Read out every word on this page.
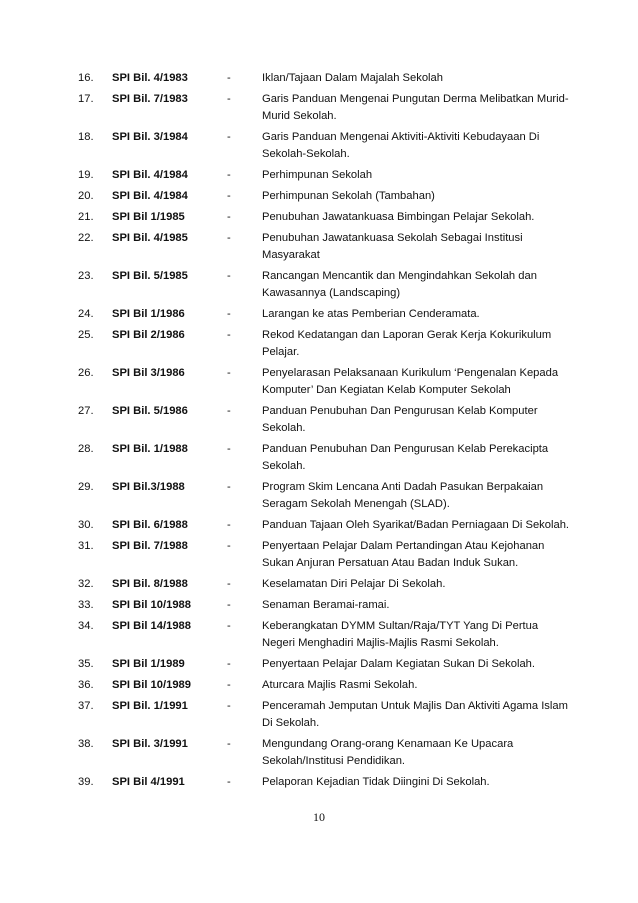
16.	SPI Bil. 4/1983	-	Iklan/Tajaan Dalam Majalah Sekolah
17.	SPI Bil. 7/1983	-	Garis Panduan Mengenai Pungutan Derma Melibatkan Murid-Murid Sekolah.
18.	SPI Bil. 3/1984	-	Garis Panduan Mengenai Aktiviti-Aktiviti Kebudayaan Di Sekolah-Sekolah.
19.	SPI Bil. 4/1984	-	Perhimpunan Sekolah
20.	SPI Bil. 4/1984	-	Perhimpunan Sekolah (Tambahan)
21.	SPI Bil 1/1985	-	Penubuhan Jawatankuasa Bimbingan Pelajar Sekolah.
22.	SPI Bil. 4/1985	-	Penubuhan Jawatankuasa Sekolah Sebagai Institusi Masyarakat
23.	SPI Bil. 5/1985	-	Rancangan Mencantik dan Mengindahkan Sekolah dan Kawasannya (Landscaping)
24.	SPI Bil 1/1986	-	Larangan ke atas Pemberian Cenderamata.
25.	SPI Bil 2/1986	-	Rekod Kedatangan dan Laporan Gerak Kerja Kokurikulum Pelajar.
26.	SPI Bil 3/1986	-	Penyelarasan Pelaksanaan Kurikulum ‘Pengenalan Kepada Komputer’ Dan Kegiatan Kelab Komputer Sekolah
27.	SPI Bil. 5/1986	-	Panduan Penubuhan Dan Pengurusan Kelab Komputer Sekolah.
28.	SPI Bil. 1/1988	-	Panduan Penubuhan Dan Pengurusan Kelab Perekacipta Sekolah.
29.	SPI Bil.3/1988	-	Program Skim Lencana Anti Dadah Pasukan Berpakaian Seragam Sekolah Menengah (SLAD).
30.	SPI Bil. 6/1988	-	Panduan Tajaan Oleh Syarikat/Badan Perniagaan Di Sekolah.
31.	SPI Bil. 7/1988	-	Penyertaan Pelajar Dalam Pertandingan Atau Kejohanan Sukan Anjuran Persatuan Atau Badan Induk Sukan.
32.	SPI Bil. 8/1988	-	Keselamatan Diri Pelajar Di Sekolah.
33.	SPI Bil 10/1988	-	Senaman Beramai-ramai.
34.	SPI Bil 14/1988	-	Keberangkatan DYMM Sultan/Raja/TYT Yang Di Pertua Negeri Menghadiri Majlis-Majlis Rasmi Sekolah.
35.	SPI Bil 1/1989	-	Penyertaan Pelajar Dalam Kegiatan Sukan Di Sekolah.
36.	SPI Bil 10/1989	-	Aturcara Majlis Rasmi Sekolah.
37.	SPI Bil. 1/1991	-	Penceramah Jemputan Untuk Majlis Dan Aktiviti Agama Islam Di Sekolah.
38.	SPI Bil. 3/1991	-	Mengundang Orang-orang Kenamaan Ke Upacara Sekolah/Institusi Pendidikan.
39.	SPI Bil 4/1991	-	Pelaporan Kejadian Tidak Diingini Di Sekolah.
10
